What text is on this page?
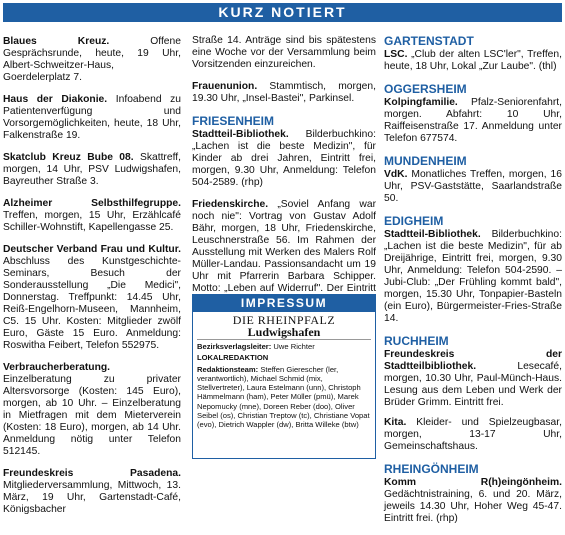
KURZ NOTIERT

Blaues Kreuz. Offene Gesprächsrunde, heute, 19 Uhr, Albert-Schweitzer-Haus, Goerdelerplatz 7.

Haus der Diakonie. Infoabend zu Patientenverfügung und Vorsorgemöglichkeiten, heute, 18 Uhr, Falkenstraße 19.

Skatclub Kreuz Bube 08. Skattreff, morgen, 14 Uhr, PSV Ludwigshafen, Bayreuther Straße 3.

Alzheimer Selbsthilfegruppe. Treffen, morgen, 15 Uhr, Erzählcafé Schiller-Wohnstift, Kapellengasse 25.

Deutscher Verband Frau und Kultur. Abschluss des Kunstgeschichte-Seminars, Besuch der Sonderausstellung „Die Medici", Donnerstag. Treffpunkt: 14.45 Uhr, Reiß-Engelhorn-Museen, Mannheim, C5. 15 Uhr. Kosten: Mitglieder zwölf Euro, Gäste 15 Euro. Anmeldung: Roswitha Feibert, Telefon 552975.

Verbraucherberatung. Einzelberatung zu privater Altersvorsorge (Kosten: 145 Euro), morgen, ab 10 Uhr. – Einzelberatung in Mietfragen mit dem Mieterverein (Kosten: 18 Euro), morgen, ab 14 Uhr. Anmeldung nötig unter Telefon 512145.

Freundeskreis Pasadena. Mitgliederversammlung, Mittwoch, 13. März, 19 Uhr, Gartenstadt-Café, Königsbacher

Straße 14. Anträge sind bis spätestens eine Woche vor der Versammlung beim Vorsitzenden einzureichen.

Frauenunion. Stammtisch, morgen, 19.30 Uhr, „Insel-Bastei", Parkinsel.

FRIESENHEIM

Stadtteil-Bibliothek. Bilderbuchkino: „Lachen ist die beste Medizin", für Kinder ab drei Jahren, Eintritt frei, morgen, 9.30 Uhr, Anmeldung: Telefon 504-2589. (rhp)

Friedenskirche. „Soviel Anfang war noch nie": Vortrag von Gustav Adolf Bähr, morgen, 18 Uhr, Friedenskirche, Leuschnerstraße 56. Im Rahmen der Ausstellung mit Werken des Malers Rolf Müller-Landau. Passionsandacht um 19 Uhr mit Pfarrerin Barbara Schipper. Motto: „Leben auf Widerruf". Der Eintritt

IMPRESSUM
DIE RHEINPFALZ
Ludwigshafen
Bezirksverlagsleiter: Uwe Richter
LOKALREDAKTION
Redaktionsteam: Steffen Gierescher (ler, verantwortlich), Michael Schmid (mix, Stellvertreter), Laura Estelmann (unn), Christoph Hämmelmann (ham), Peter Müller (pmü), Marek Nepomucky (mne), Doreen Reber (doo), Oliver Seibel (os), Christian Treptow (tc), Christiane Vopat (evo), Dietrich Wappler (dw), Britta Willeke (btw)
GARTENSTADT

LSC. „Club der alten LSC'ler", Treffen, heute, 18 Uhr, Lokal „Zur Laube". (thl)

OGGERSHEIM

Kolpingfamilie. Pfalz-Seniorenfahrt, morgen. Abfahrt: 10 Uhr, Raiffeisenstraße 17. Anmeldung unter Telefon 677574.

MUNDENHEIM

VdK. Monatliches Treffen, morgen, 16 Uhr, PSV-Gaststätte, Saarlandstraße 50.

EDIGHEIM

Stadtteil-Bibliothek. Bilderbuchkino: „Lachen ist die beste Medizin", für ab Dreijährige, Eintritt frei, morgen, 9.30 Uhr, Anmeldung: Telefon 504-2590. – Jubi-Club: „Der Frühling kommt bald", morgen, 15.30 Uhr, Tonpapier-Basteln (ein Euro), Bürgermeister-Fries-Straße 14.

RUCHHEIM

Freundeskreis der Stadtteilbibliothek. Lesecafé, morgen, 10.30 Uhr, Paul-Münch-Haus. Lesung aus dem Leben und Werk der Brüder Grimm. Eintritt frei.

Kita. Kleider- und Spielzeugbasar, morgen, 13-17 Uhr, Gemeinschaftshaus.

RHEINGÖNHEIM

Komm R(h)eingönheim. Gedächtnistraining, 6. und 20. März, jeweils 14.30 Uhr, Hoher Weg 45-47. Eintritt frei. (rhp)
